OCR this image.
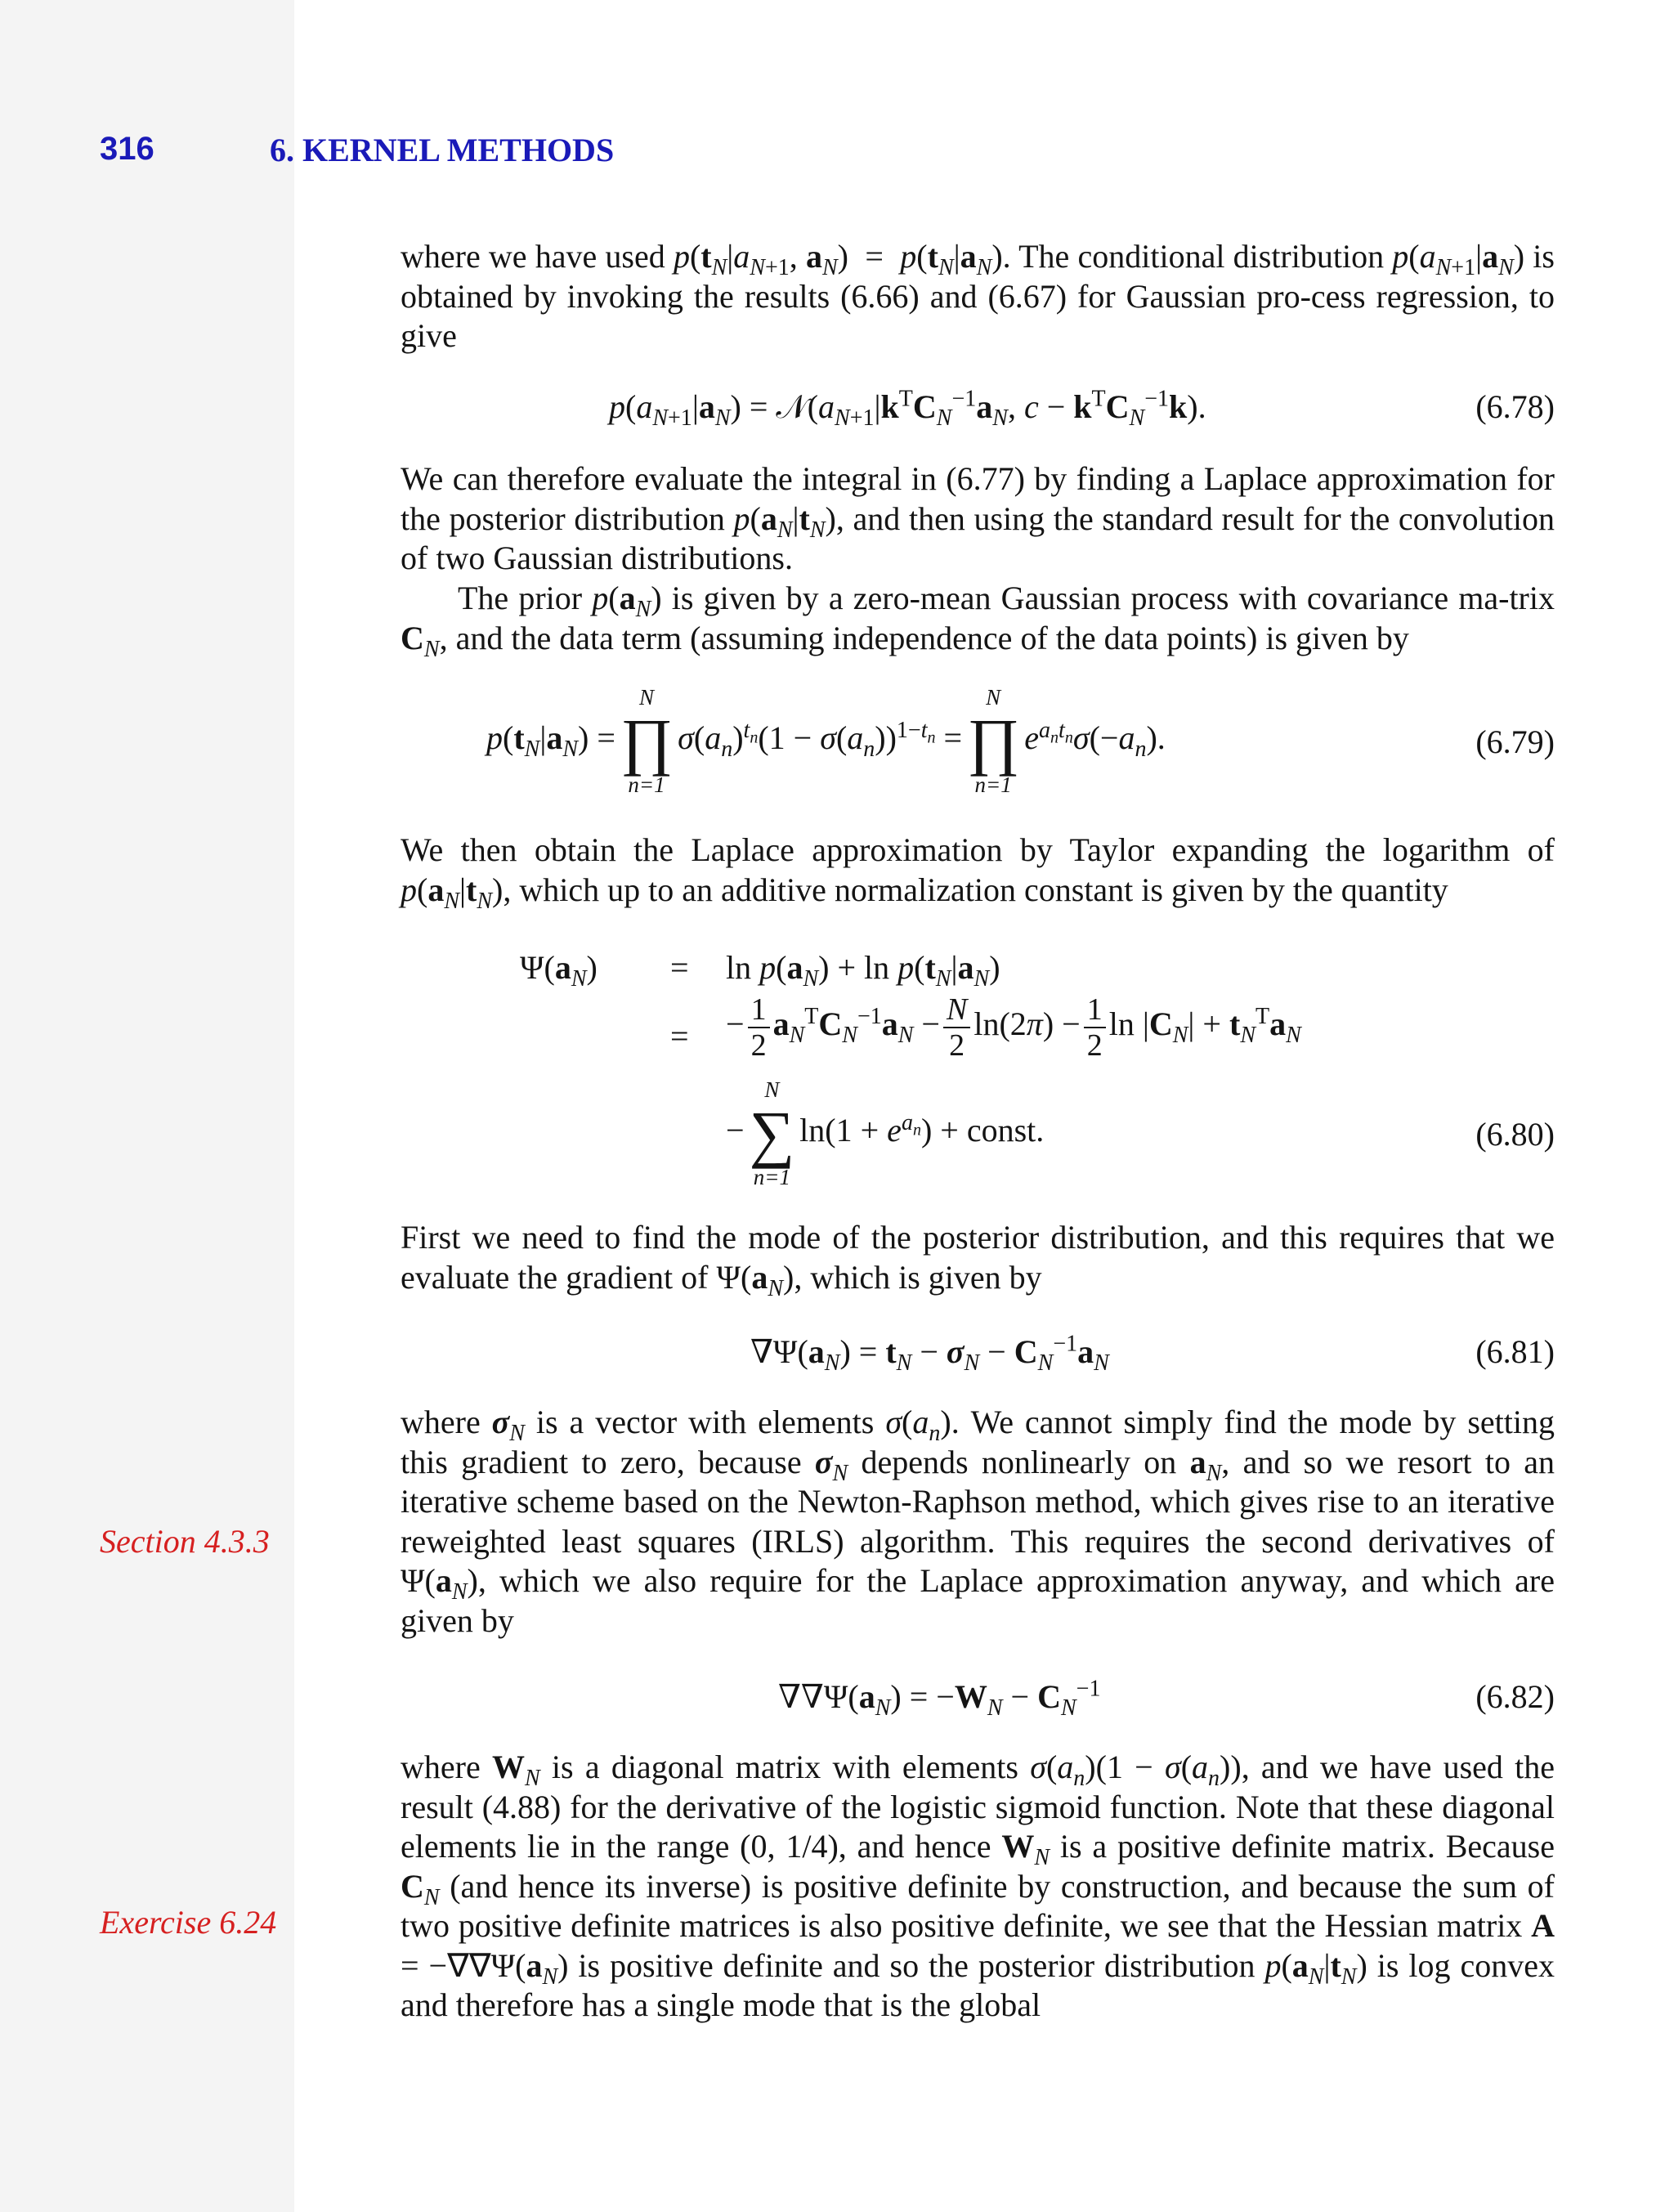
316	6. KERNEL METHODS

where we have used $p(t_N|a_{N+1}$, $a_N) = p(t_N|a_N)$. The conditional distribution $p(a_{N+1}|a_N)$ is obtained by invoking the results (6.66) and (6.67) for Gaussian pro-cess regression, to give

$p(a_{N+1}|a_N)$ = $𝒩(a_{N+1}|k^TC_N^{-1}a_N$, $c - k^TC_N^{-1}k$).	(6.78)

We can therefore evaluate the integral in (6.77) by finding a Laplace approximation for the posterior distribution $p(a_N|t_N)$, and then using the standard result for the convolution of two Gaussian distributions.

The prior $p(a_N)$ is given by a zero-mean Gaussian process with covariance ma-trix $C_N$, and the data term (assuming independence of the data points) is given by

$p(t_N|a_N)$ =
N
∏
n=1
$\sigma(a_n)^{t_n}(1 - \sigma(a_n))^{1-t_n}$ =
N
∏
n=1
$e^{a_nt_n}\sigma(-a_n)$.	(6.79)

We then obtain the Laplace approximation by Taylor expanding the logarithm of $p(a_N|t_N)$, which up to an additive normalization constant is given by the quantity

$\Psi(a_N) = \ln p(a_N) + \ln p(t_N|a_N)$
= − $\frac{1}{2} a_N^TC_N^{-1}a_N - \frac{N}{2} \ln(2\pi) - \frac{1}{2}$ $\ln |C_N| + t_N^Ta_N$
−
N
∑
n=1
$\ln(1 + e^{a_n})$ + const.	(6.80)

First we need to find the mode of the posterior distribution, and this requires that we evaluate the gradient of $\Psi(a_N)$, which is given by

$\nabla\Psi(a_N) = t_N - \sigma_N - C_N^{-1}a_N$	(6.81)

where $\sigma_N$ is a vector with elements $\sigma(a_n)$. We cannot simply find the mode by setting this gradient to zero, because $\sigma_N$ depends nonlinearly on $a_N$, and so we resort to an iterative scheme based on the Newton-Raphson method, which gives rise to an iterative reweighted least squares (IRLS) algorithm. This requires the second derivatives of $\Psi(a_N)$, which we also require for the Laplace approximation anyway, and which are given by

Section 4.3.3
$\nabla\nabla\Psi(a_N) = -W_N - C_N^{-1}$	(6.82)

where $W_N$ is a diagonal matrix with elements $\sigma(a_n)(1 - \sigma(a_n))$, and we have used the result (4.88) for the derivative of the logistic sigmoid function. Note that these diagonal elements lie in the range (0, 1/4), and hence $W_N$ is a positive definite matrix. Because $C_N$ (and hence its inverse) is positive definite by construction, and because the sum of two positive definite matrices is also positive definite, we see that the Hessian matrix $A = -\nabla\nabla\Psi(a_N)$ is positive definite and so the posterior distribution $p(a_N|t_N)$ is log convex and therefore has a single mode that is the global

Exercise 6.24
